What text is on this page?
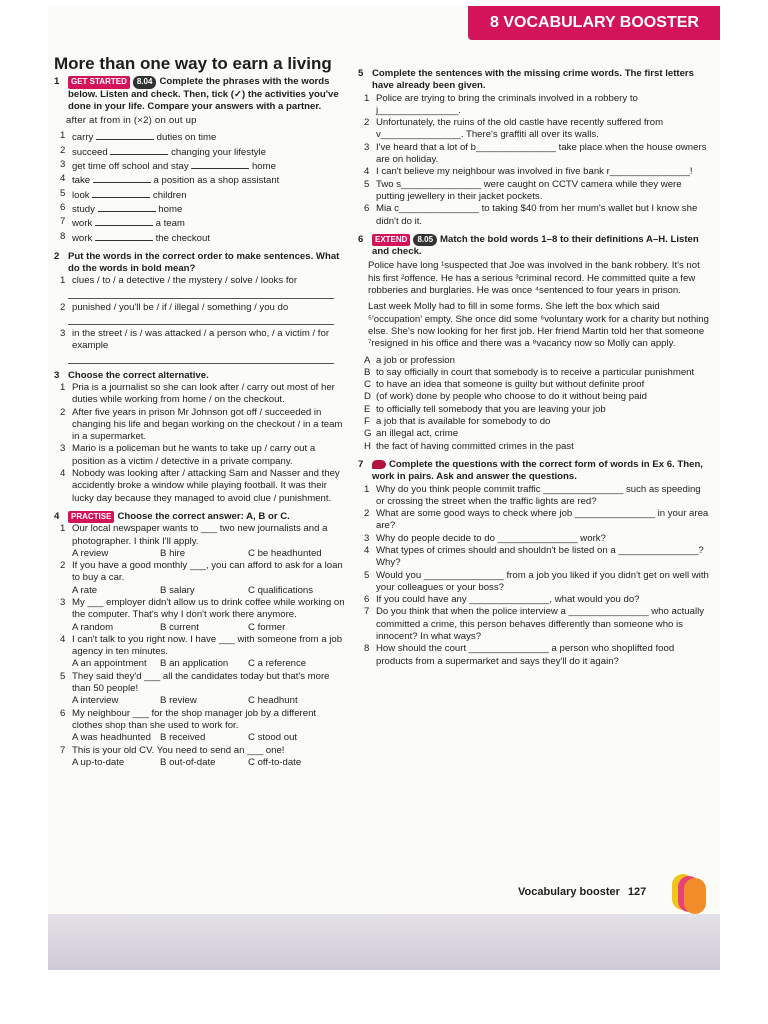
8 VOCABULARY BOOSTER
More than one way to earn a living
1	GET STARTED 8.04 Complete the phrases with the words below. Listen and check. Then, tick (✓) the activities you've done in your life. Compare your answers with a partner.
after at from in (×2) on out up
1 carry	duties on time
2 succeed	changing your lifestyle
3 get time off school and stay	home
4 take	a position as a shop assistant
5 look	children
6 study	home
7 work	a team
8 work	the checkout
2 Put the words in the correct order to make sentences. What do the words in bold mean?
1 clues / to / a detective / the mystery / solve / looks for
2 punished / you'll be / if / illegal / something / you do
3 in the street / is / was attacked / a person who, / a victim / for example
3 Choose the correct alternative.
1 Pria is a journalist so she can look after / carry out most of her duties while working from home / on the checkout.
2 After five years in prison Mr Johnson got off / succeeded in changing his life and began working on the checkout / in a team in a supermarket.
3 Mario is a policeman but he wants to take up / carry out a position as a victim / detective in a private company.
4 Nobody was looking after / attacking Sam and Nasser and they accidently broke a window while playing football. It was their lucky day because they managed to avoid clue / punishment.
4	PRACTISE Choose the correct answer: A, B or C.
1 Our local newspaper wants to ___ two new journalists and a photographer. I think I'll apply.
A review	B hire	C be headhunted
2 If you have a good monthly ___, you can afford to ask for a loan to buy a car.
A rate	B salary	C qualifications
3 My ___ employer didn't allow us to drink coffee while working on the computer. That's why I don't work there anymore.
A random	B current	C former
4 I can't talk to you right now. I have ___ with someone from a job agency in ten minutes.
A an appointment	B an application	C a reference
5 They said they'd ___ all the candidates today but that's more than 50 people!
A interview	B review	C headhunt
6 My neighbour ___ for the shop manager job by a different clothes shop than she used to work for.
A was headhunted B received	C stood out
7 This is your old CV. You need to send an ___ one!
A up-to-date	B out-of-date	C off-to-date
5 Complete the sentences with the missing crime words. The first letters have already been given.
1 Police are trying to bring the criminals involved in a robbery to j_______________.
2 Unfortunately, the ruins of the old castle have recently suffered from v_______________. There's graffiti all over its walls.
3 I've heard that a lot of b_______________ take place when the house owners are on holiday.
4 I can't believe my neighbour was involved in five bank r_______________!
5 Two s_______________ were caught on CCTV camera while they were putting jewellery in their jacket pockets.
6 Mia c_______________ to taking $40 from her mum's wallet but I know she didn't do it.
6	EXTEND 8.05 Match the bold words 1–8 to their definitions A–H. Listen and check.
Police have long ¹suspected that Joe was involved in the bank robbery. It's not his first ²offence. He has a serious ³criminal record. He committed quite a few robberies and burglaries. He was once ⁴sentenced to four years in prison.
Last week Molly had to fill in some forms. She left the box which said ⁵'occupation' empty. She once did some ⁶voluntary work for a charity but nothing else. She's now looking for her first job. Her friend Martin told her that someone ⁷resigned in his office and there was a ⁸vacancy now so Molly can apply.
A a job or profession
B to say officially in court that somebody is to receive a particular punishment
C to have an idea that someone is guilty but without definite proof
D (of work) done by people who choose to do it without being paid
E to officially tell somebody that you are leaving your job
F a job that is available for somebody to do
G an illegal act, crime
H the fact of having committed crimes in the past
7	Complete the questions with the correct form of words in Ex 6. Then, work in pairs. Ask and answer the questions.
1 Why do you think people commit traffic _______________ such as speeding or crossing the street when the traffic lights are red?
2 What are some good ways to check where job _______________ in your area are?
3 Why do people decide to do _______________ work?
4 What types of crimes should and shouldn't be listed on a _______________? Why?
5 Would you _______________ from a job you liked if you didn't get on well with your colleagues or your boss?
6 If you could have any _______________, what would you do?
7 Do you think that when the police interview a _______________ who actually committed a crime, this person behaves differently than someone who is innocent? In what ways?
8 How should the court _______________ a person who shoplifted food products from a supermarket and says they'll do it again?
Vocabulary booster 127
